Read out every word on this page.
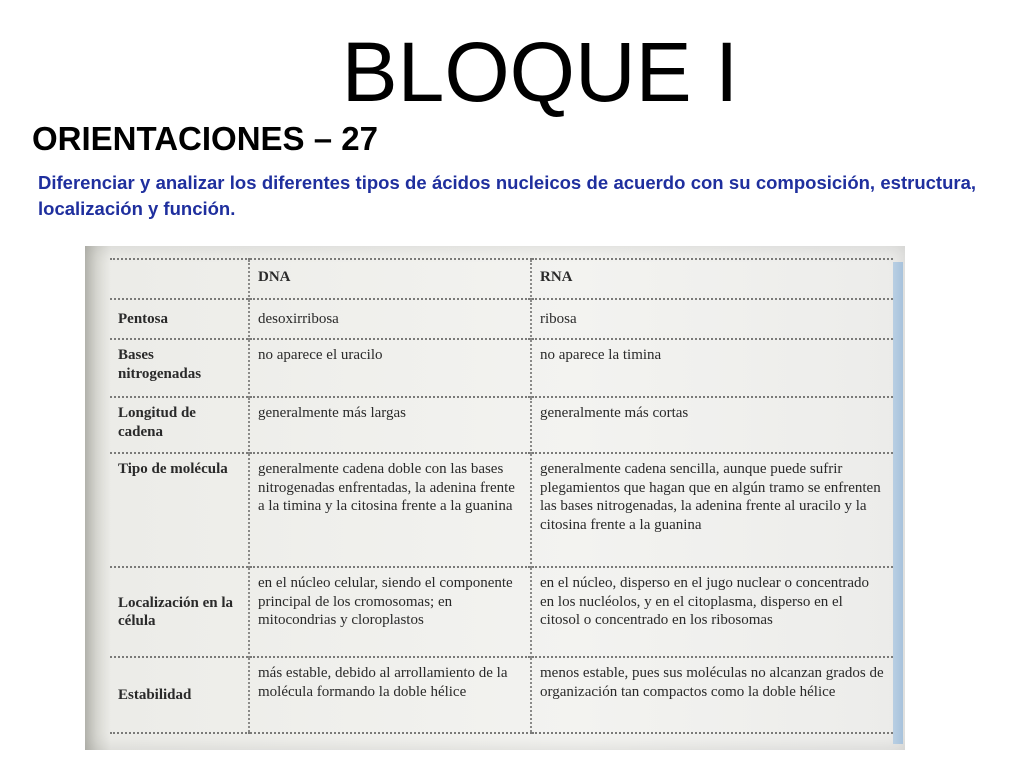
BLOQUE I
ORIENTACIONES – 27
Diferenciar y analizar los diferentes tipos de ácidos nucleicos de acuerdo con su composición, estructura, localización y función.
	DNA	RNA
Pentosa	desoxirribosa	ribosa
Bases nitrogenadas	no aparece el uracilo	no aparece la timina
Longitud de cadena	generalmente más largas	generalmente más cortas
Tipo de molécula	generalmente cadena doble con las bases nitrogenadas enfrentadas, la adenina frente a la timina y la citosina frente a la guanina	generalmente cadena sencilla, aunque puede sufrir plegamientos que hagan que en algún tramo se enfrenten las bases nitrogenadas, la adenina frente al uracilo y la citosina frente a la guanina
Localización en la célula	en el núcleo celular, siendo el componente principal de los cromosomas; en mitocondrias y cloroplastos	en el núcleo, disperso en el jugo nuclear o concentrado en los nucléolos, y en el citoplasma, disperso en el citosol o concentrado en los ribosomas
Estabilidad	más estable, debido al arrollamiento de la molécula formando la doble hélice	menos estable, pues sus moléculas no alcanzan grados de organización tan compactos como la doble hélice
